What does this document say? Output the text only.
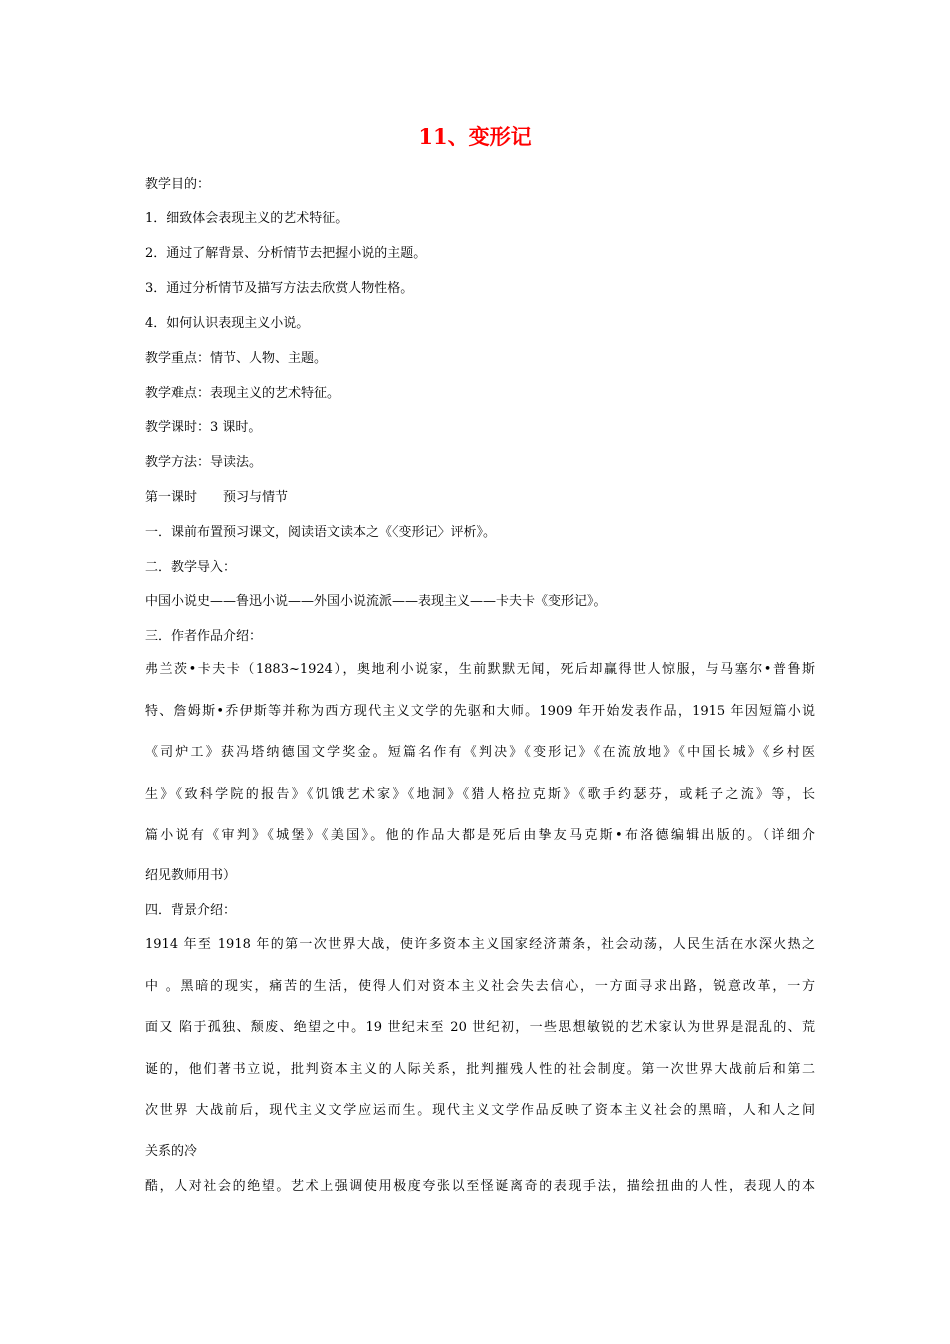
11、变形记
教学目的：
1．细致体会表现主义的艺术特征。
2．通过了解背景、分析情节去把握小说的主题。
3．通过分析情节及描写方法去欣赏人物性格。
4．如何认识表现主义小说。
教学重点：情节、人物、主题。
教学难点：表现主义的艺术特征。
教学课时：3 课时。
教学方法：导读法。
第一课时　　预习与情节
一．课前布置预习课文，阅读语文读本之《〈变形记〉评析》。
二．教学导入：
中国小说史——鲁迅小说——外国小说流派——表现主义——卡夫卡《变形记》。
三．作者作品介绍：
弗兰茨•卡夫卡（1883~1924），奥地利小说家，生前默默无闻，死后却赢得世人惊服，与马塞尔•普鲁斯
特、詹姆斯•乔伊斯等并称为西方现代主义文学的先驱和大师。1909 年开始发表作品，1915 年因短篇小说
《司炉工》获冯塔纳德国文学奖金。短篇名作有《判决》《变形记》《在流放地》《中国长城》《乡村医
生》《致科学院的报告》《饥饿艺术家》《地洞》《猎人格拉克斯》《歌手约瑟芬，或耗子之流》等，长
篇小说有《审判》《城堡》《美国》。他的作品大都是死后由挚友马克斯•布洛德编辑出版的。（详细介
绍见教师用书）
四．背景介绍：
1914 年至 1918 年的第一次世界大战，使许多资本主义国家经济萧条，社会动荡，人民生活在水深火热之
中 。黑暗的现实，痛苦的生活，使得人们对资本主义社会失去信心，一方面寻求出路，锐意改革，一方
面又 陷于孤独、颓废、绝望之中。19 世纪末至 20 世纪初，一些思想敏锐的艺术家认为世界是混乱的、荒
诞的，他们著书立说，批判资本主义的人际关系，批判摧残人性的社会制度。第一次世界大战前后和第二
次世界 大战前后，现代主义文学应运而生。现代主义文学作品反映了资本主义社会的黑暗，人和人之间
关系的冷
酷，人对社会的绝望。艺术上强调使用极度夸张以至怪诞离奇的表现手法，描绘扭曲的人性，表现人的本
